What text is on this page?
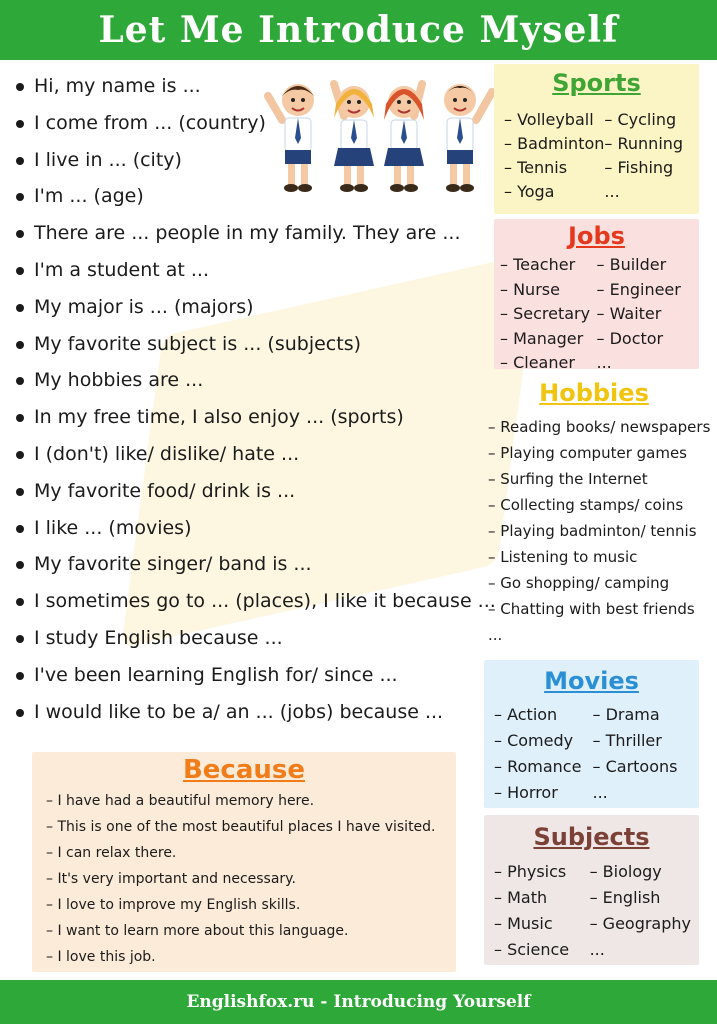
Let Me Introduce Myself
Hi, my name is ...
I come from ... (country)
I live in ... (city)
I'm ... (age)
There are ... people in my family. They are ...
I'm a student at ...
My major is ... (majors)
My favorite subject is ... (subjects)
My hobbies are ...
In my free time, I also enjoy ... (sports)
I (don't) like/ dislike/ hate ...
My favorite food/ drink is ...
I like ... (movies)
My favorite singer/ band is ...
I sometimes go to ... (places), I like it because ...
I study English because ...
I've been learning English for/ since ...
I would like to be a/ an ... (jobs) because ...
Sports
– Volleyball – Cycling
– Badminton – Running
– Tennis	– Fishing
– Yoga	...
Jobs
– Teacher	– Builder
– Nurse	– Engineer
– Secretary – Waiter
– Manager – Doctor
– Cleaner	...
Hobbies
– Reading books/ newspapers
– Playing computer games
– Surfing the Internet
– Collecting stamps/ coins
– Playing badminton/ tennis
– Listening to music
– Go shopping/ camping
– Chatting with best friends
...
Movies
– Action	– Drama
– Comedy	– Thriller
– Romance – Cartoons
– Horror	...
Subjects
– Physics	– Biology
– Math	– English
– Music	– Geography
– Science	...
Because
– I have had a beautiful memory here.
– This is one of the most beautiful places I have visited.
– I can relax there.
– It's very important and necessary.
– I love to improve my English skills.
– I want to learn more about this language.
– I love this job.
Englishfox.ru - Introducing Yourself
